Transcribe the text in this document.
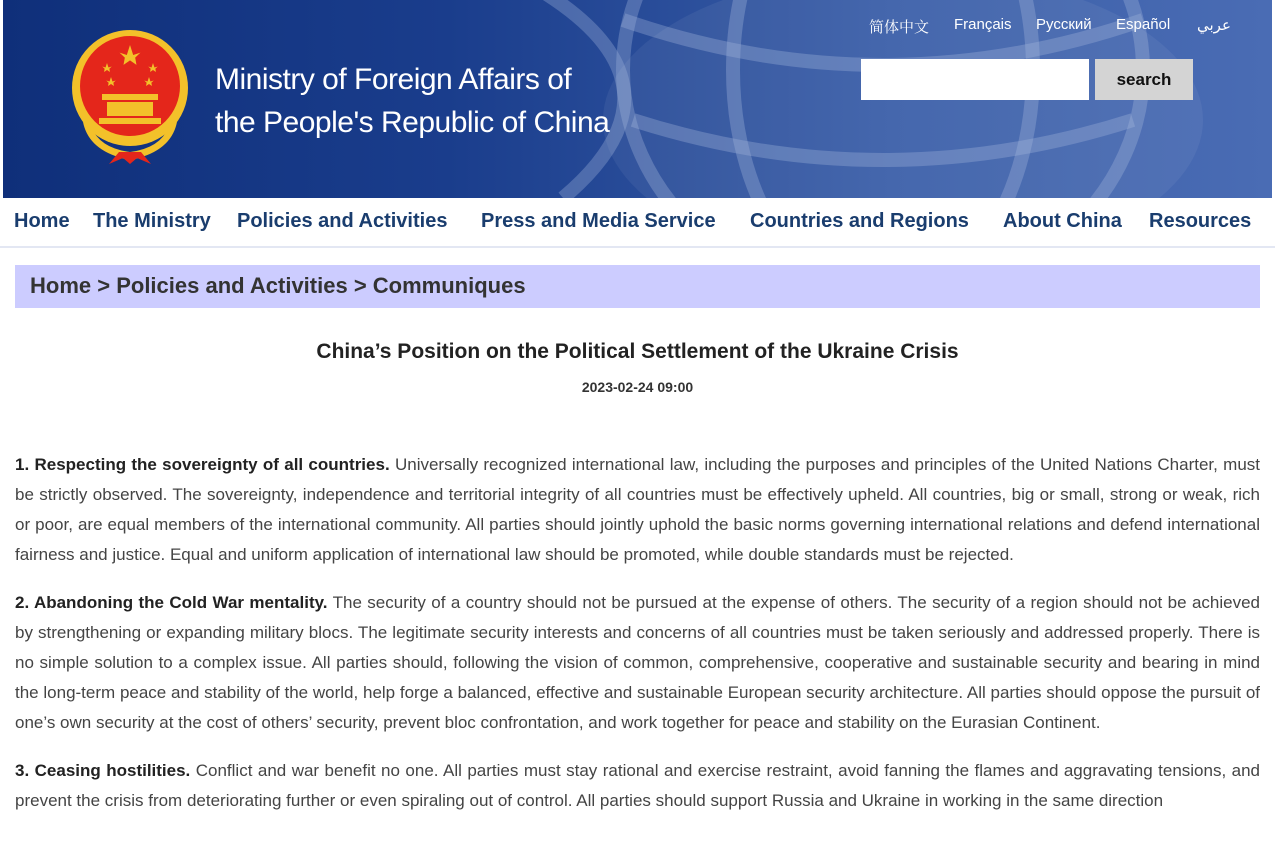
Ministry of Foreign Affairs of
the People's Republic of China
简体中文 Français Русский Español عربي
search
Home The Ministry Policies and Activities Press and Media Service Countries and Regions About China Resources
Home > Policies and Activities > Communiques
China’s Position on the Political Settlement of the Ukraine Crisis
2023-02-24 09:00

1. Respecting the sovereignty of all countries. Universally recognized international law, including the purposes and principles of the United Nations Charter, must be strictly observed. The sovereignty, independence and territorial integrity of all countries must be effectively upheld. All countries, big or small, strong or weak, rich or poor, are equal members of the international community. All parties should jointly uphold the basic norms governing international relations and defend international fairness and justice. Equal and uniform application of international law should be promoted, while double standards must be rejected.

2. Abandoning the Cold War mentality. The security of a country should not be pursued at the expense of others. The security of a region should not be achieved by strengthening or expanding military blocs. The legitimate security interests and concerns of all countries must be taken seriously and addressed properly. There is no simple solution to a complex issue. All parties should, following the vision of common, comprehensive, cooperative and sustainable security and bearing in mind the long-term peace and stability of the world, help forge a balanced, effective and sustainable European security architecture. All parties should oppose the pursuit of one’s own security at the cost of others’ security, prevent bloc confrontation, and work together for peace and stability on the Eurasian Continent.

3. Ceasing hostilities. Conflict and war benefit no one. All parties must stay rational and exercise restraint, avoid fanning the flames and aggravating tensions, and prevent the crisis from deteriorating further or even spiraling out of control. All parties should support Russia and Ukraine in working in the same direction
